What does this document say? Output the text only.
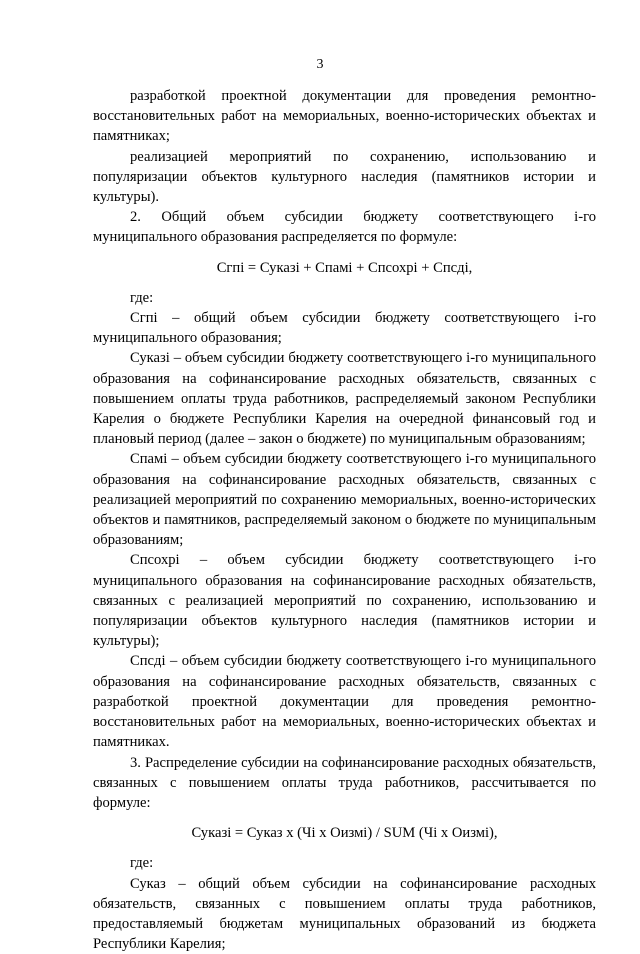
3

разработкой проектной документации для проведения ремонтно-восстановительных работ на мемориальных, военно-исторических объектах и памятниках;

реализацией мероприятий по сохранению, использованию и популяризации объектов культурного наследия (памятников истории и культуры).

2. Общий объем субсидии бюджету соответствующего i-го муниципального образования распределяется по формуле:

Сгпі = Суказі + Спамі + Спсохрі + Спсді,

где:

Сгпі – общий объем субсидии бюджету соответствующего i-го муниципального образования;

Суказі – объем субсидии бюджету соответствующего i-го муниципального образования на софинансирование расходных обязательств, связанных с повышением оплаты труда работников, распределяемый законом Республики Карелия о бюджете Республики Карелия на очередной финансовый год и плановый период (далее – закон о бюджете) по муниципальным образованиям;

Спамі – объем субсидии бюджету соответствующего i-го муниципального образования на софинансирование расходных обязательств, связанных с реализацией мероприятий по сохранению мемориальных, военно-исторических объектов и памятников, распределяемый законом о бюджете по муниципальным образованиям;

Спсохрі – объем субсидии бюджету соответствующего i-го муниципального образования на софинансирование расходных обязательств, связанных с реализацией мероприятий по сохранению, использованию и популяризации объектов культурного наследия (памятников истории и культуры);

Спсді – объем субсидии бюджету соответствующего i-го муниципального образования на софинансирование расходных обязательств, связанных с разработкой проектной документации для проведения ремонтно-восстановительных работ на мемориальных, военно-исторических объектах и памятниках.

3. Распределение субсидии на софинансирование расходных обязательств, связанных с повышением оплаты труда работников, рассчитывается по формуле:

Суказі = Суказ x (Чі x Оизмі) / SUM (Чі x Оизмі),

где:

Суказ – общий объем субсидии на софинансирование расходных обязательств, связанных с повышением оплаты труда работников, предоставляемый бюджетам муниципальных образований из бюджета Республики Карелия;
